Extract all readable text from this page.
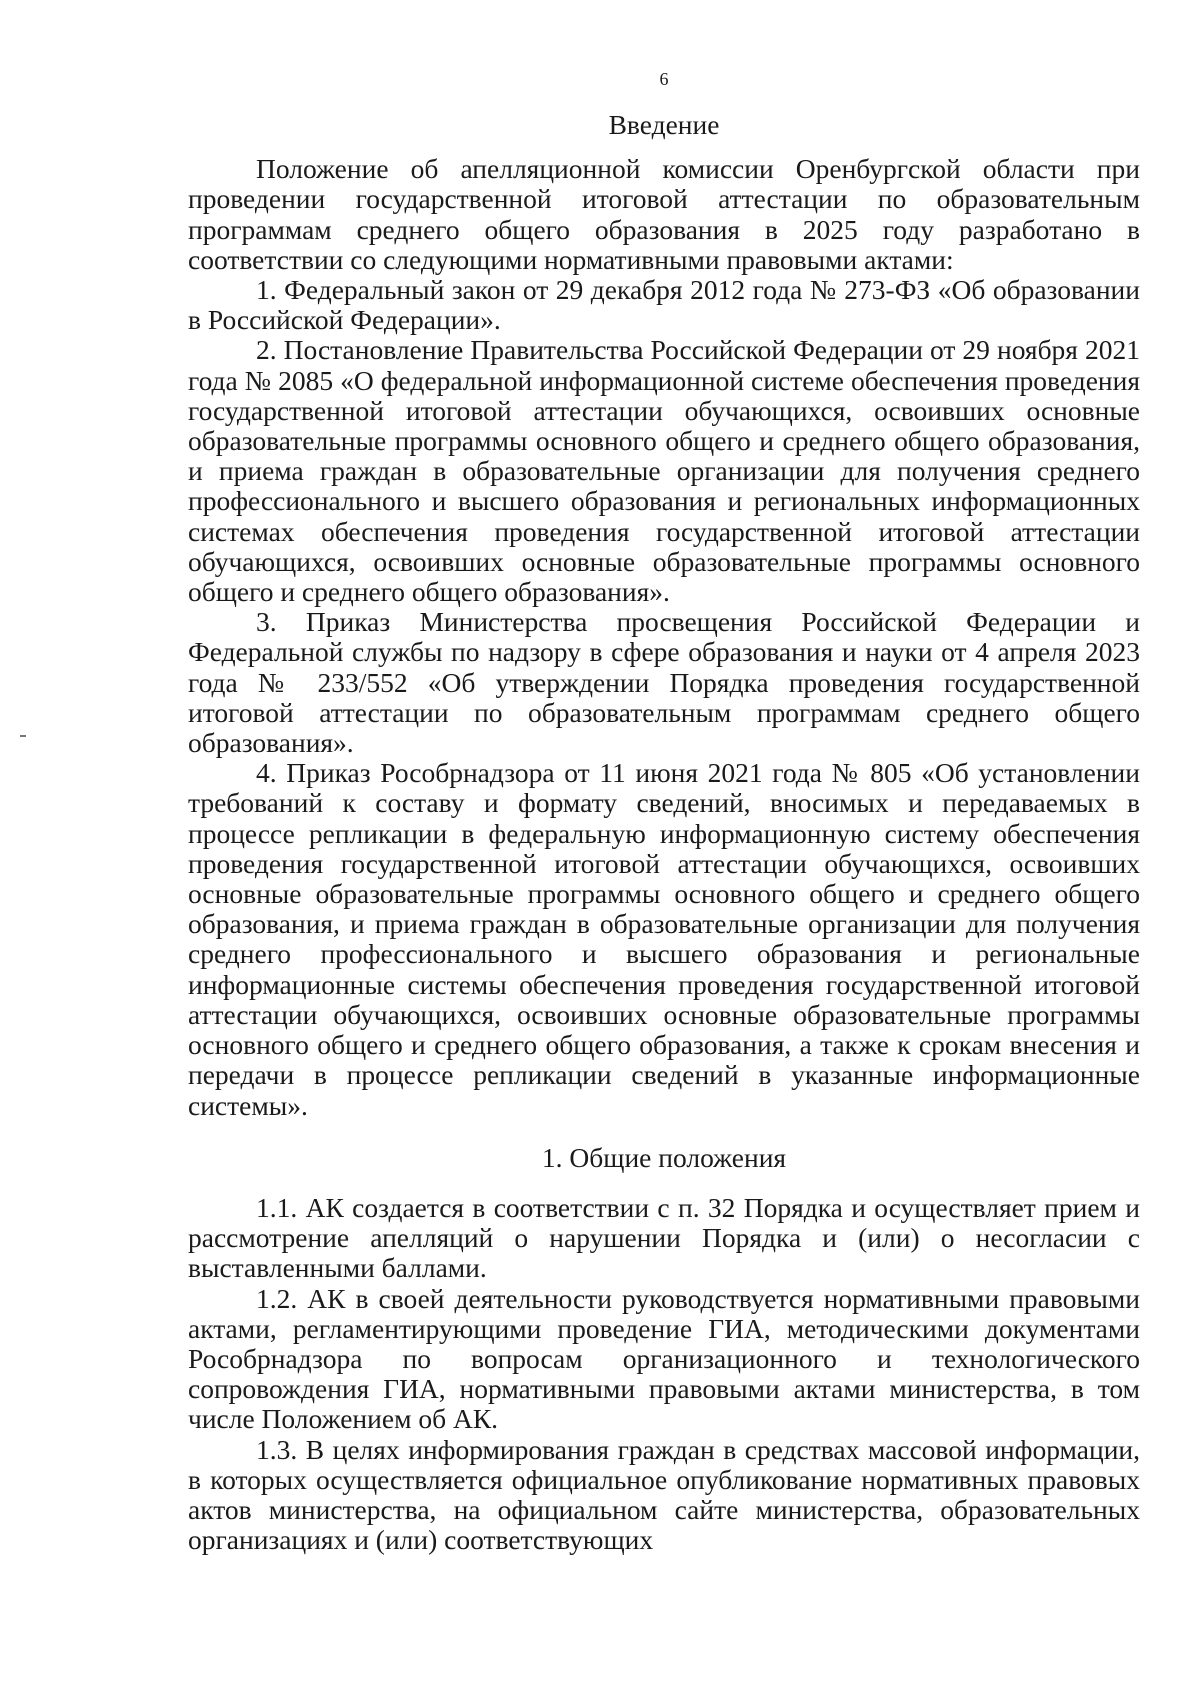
6
Введение

Положение об апелляционной комиссии Оренбургской области при проведении государственной итоговой аттестации по образовательным программам среднего общего образования в 2025 году разработано в соответствии со следующими нормативными правовыми актами:

1. Федеральный закон от 29 декабря 2012 года № 273-ФЗ «Об образовании в Российской Федерации».

2. Постановление Правительства Российской Федерации от 29 ноября 2021 года № 2085 «О федеральной информационной системе обеспечения проведения государственной итоговой аттестации обучающихся, освоивших основные образовательные программы основного общего и среднего общего образования, и приема граждан в образовательные организации для получения среднего профессионального и высшего образования и региональных информационных системах обеспечения проведения государственной итоговой аттестации обучающихся, освоивших основные образовательные программы основного общего и среднего общего образования».

3. Приказ Министерства просвещения Российской Федерации и Федеральной службы по надзору в сфере образования и науки от 4 апреля 2023 года № 233/552 «Об утверждении Порядка проведения государственной итоговой аттестации по образовательным программам среднего общего образования».

4. Приказ Рособрнадзора от 11 июня 2021 года № 805 «Об установлении требований к составу и формату сведений, вносимых и передаваемых в процессе репликации в федеральную информационную систему обеспечения проведения государственной итоговой аттестации обучающихся, освоивших основные образовательные программы основного общего и среднего общего образования, и приема граждан в образовательные организации для получения среднего профессионального и высшего образования и региональные информационные системы обеспечения проведения государственной итоговой аттестации обучающихся, освоивших основные образовательные программы основного общего и среднего общего образования, а также к срокам внесения и передачи в процессе репликации сведений в указанные информационные системы».

1. Общие положения

1.1. АК создается в соответствии с п. 32 Порядка и осуществляет прием и рассмотрение апелляций о нарушении Порядка и (или) о несогласии с выставленными баллами.

1.2. АК в своей деятельности руководствуется нормативными правовыми актами, регламентирующими проведение ГИА, методическими документами Рособрнадзора по вопросам организационного и технологического сопровождения ГИА, нормативными правовыми актами министерства, в том числе Положением об АК.

1.3. В целях информирования граждан в средствах массовой информации, в которых осуществляется официальное опубликование нормативных правовых актов министерства, на официальном сайте министерства, образовательных организациях и (или) соответствующих
